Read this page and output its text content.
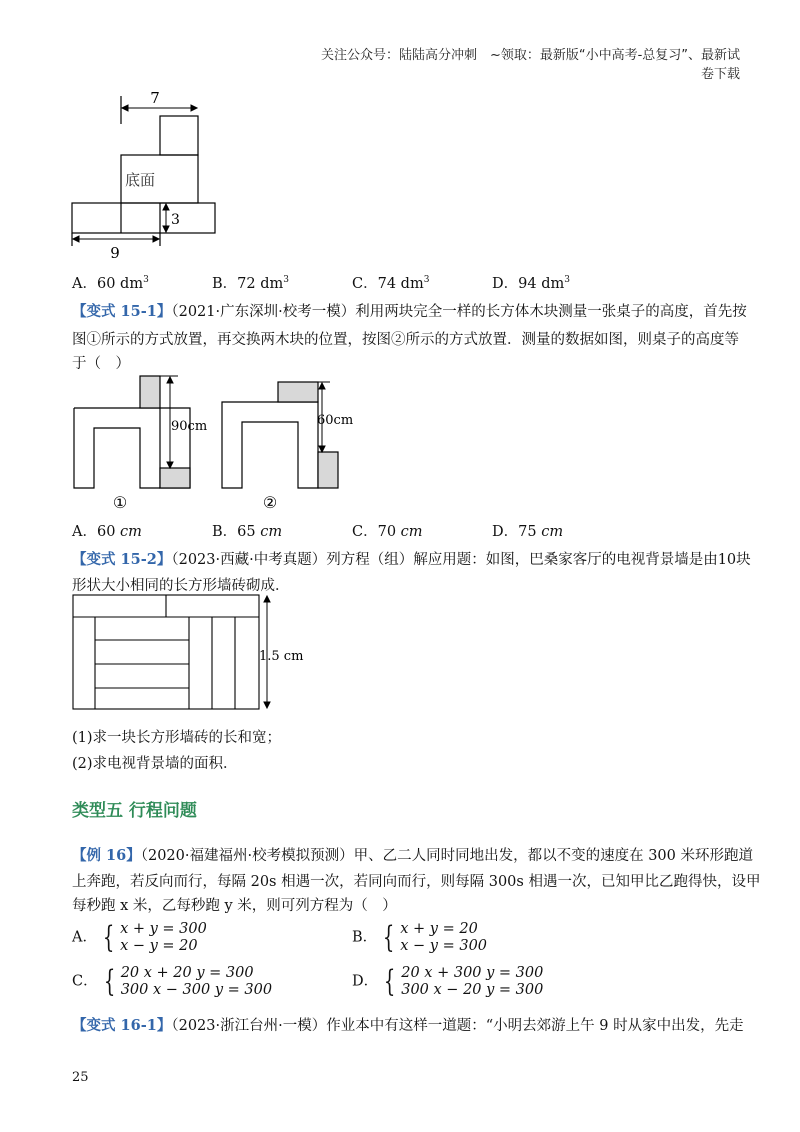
关注公众号：陆陆高分冲刺　~领取：最新版“小中高考-总复习”、最新试卷下载
7
底面
3
9
A．60 $dm^3$	B．72 $dm^3$	C．74 $dm^3$	D．94 $dm^3$
【变式 15-1】（2021·广东深圳·校考一模）利用两块完全一样的长方体木块测量一张桌子的高度，首先按
图①所示的方式放置，再交换两木块的位置，按图②所示的方式放置．测量的数据如图，则桌子的高度等
于（　）
90cm	60cm
①	②
A．60 cm	B．65 cm	C．70 cm	D．75 cm
【变式 15-2】（2023·西藏·中考真题）列方程（组）解应用题：如图，巴桑家客厅的电视背景墙是由10块
形状大小相同的长方形墙砖砌成．
1.5 cm
(1)求一块长方形墙砖的长和宽；
(2)求电视背景墙的面积．
类型五 行程问题
【例 16】（2020·福建福州·校考模拟预测）甲、乙二人同时同地出发，都以不变的速度在 300 米环形跑道
上奔跑，若反向而行，每隔 20s 相遇一次，若同向而行，则每隔 300s 相遇一次，已知甲比乙跑得快，设甲
每秒跑 x 米，乙每秒跑 y 米，则可列方程为（　）
A． { x + y = 300
x − y = 20	B． { x + y = 20
x − y = 300
C． { 20 x + 20 y = 300
300 x − 300 y = 300	D． { 20 x + 300 y = 300
300 x − 20 y = 300
【变式 16-1】（2023·浙江台州·一模）作业本中有这样一道题：“小明去郊游上午 9 时从家中出发，先走
25
